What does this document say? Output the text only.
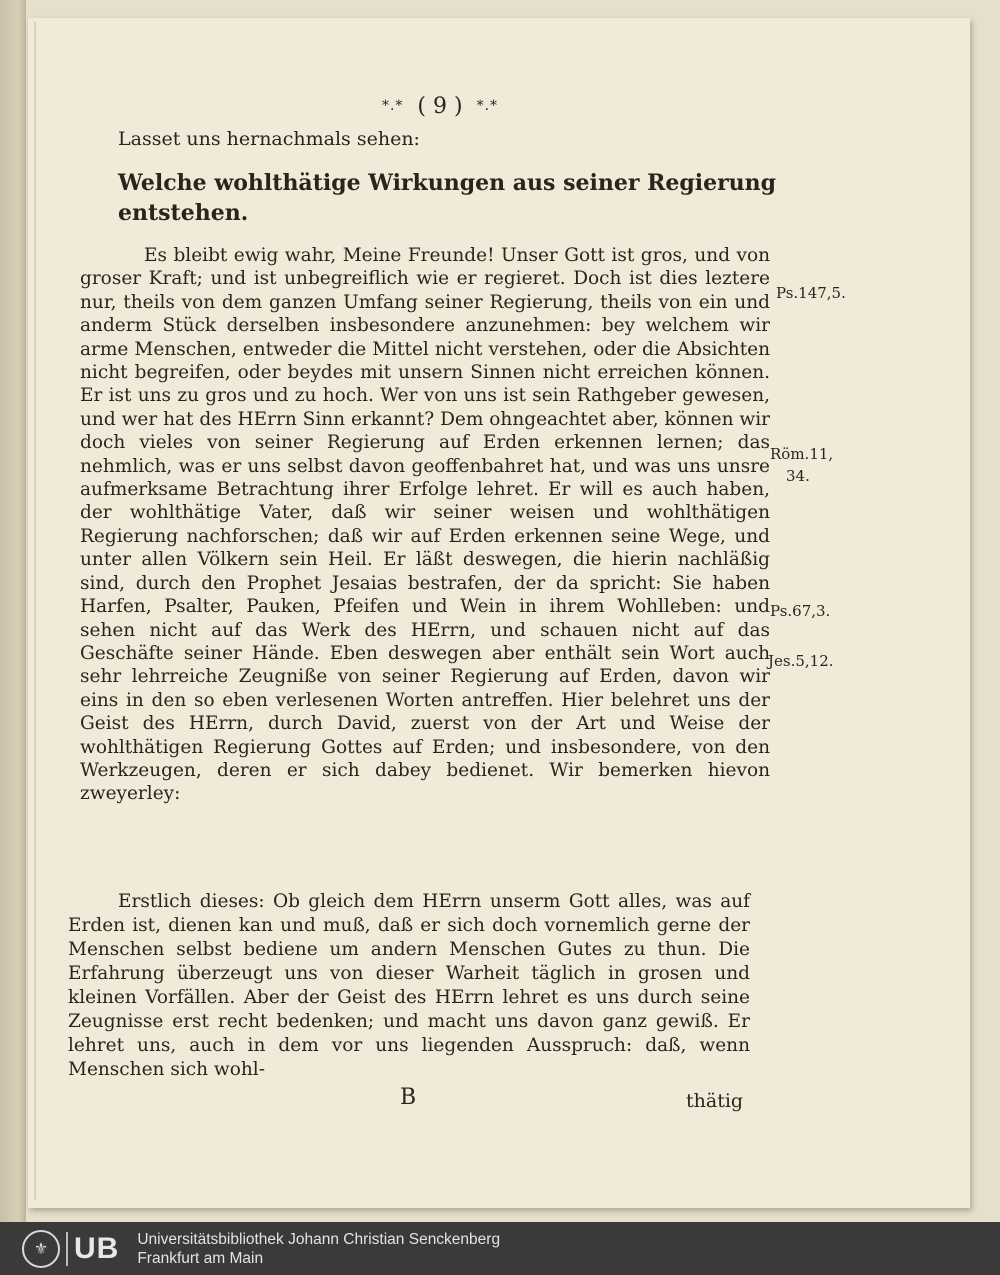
*.* ( 9 ) *.*
Lasset uns hernachmals sehen:
Welche wohlthätige Wirkungen aus seiner Regierung entstehen.

Es bleibt ewig wahr, Meine Freunde! Unser Gott ist gros, und von groser Kraft; und ist unbegreiflich wie er regieret. Doch ist dies leztere nur, theils von dem ganzen Umfang seiner Regierung, theils von ein und anderm Stück derselben insbesondere anzunehmen: bey welchem wir arme Menschen, entweder die Mittel nicht verstehen, oder die Absichten nicht begreifen, oder beydes mit unsern Sinnen nicht erreichen können. Er ist uns zu gros und zu hoch. Wer von uns ist sein Rathgeber gewesen, und wer hat des HErrn Sinn erkannt? Dem ohngeachtet aber, können wir doch vieles von seiner Regierung auf Erden erkennen lernen; das nehmlich, was er uns selbst davon geoffenbahret hat, und was uns unsre aufmerksame Betrachtung ihrer Erfolge lehret. Er will es auch haben, der wohlthätige Vater, daß wir seiner weisen und wohlthätigen Regierung nachforschen; daß wir auf Erden erkennen seine Wege, und unter allen Völkern sein Heil. Er läßt deswegen, die hierin nachläßig sind, durch den Prophet Jesaias bestrafen, der da spricht: Sie haben Harfen, Psalter, Pauken, Pfeifen und Wein in ihrem Wohlleben: und sehen nicht auf das Werk des HErrn, und schauen nicht auf das Geschäfte seiner Hände. Eben deswegen aber enthält sein Wort auch sehr lehrreiche Zeugniße von seiner Regierung auf Erden, davon wir eins in den so eben verlesenen Worten antreffen. Hier belehret uns der Geist des HErrn, durch David, zuerst von der Art und Weise der wohlthätigen Regierung Gottes auf Erden; und insbesondere, von den Werkzeugen, deren er sich dabey bedienet. Wir bemerken hievon zweyerley:

Ps.147,5.
Röm.11,
34.
Ps.67,3.
Jes.5,12.

Erstlich dieses: Ob gleich dem HErrn unserm Gott alles, was auf Erden ist, dienen kan und muß, daß er sich doch vornemlich gerne der Menschen selbst bediene um andern Menschen Gutes zu thun. Die Erfahrung überzeugt uns von dieser Warheit täglich in grosen und kleinen Vorfällen. Aber der Geist des HErrn lehret es uns durch seine Zeugnisse erst recht bedenken; und macht uns davon ganz gewiß. Er lehret uns, auch in dem vor uns liegenden Ausspruch: daß, wenn Menschen sich wohl-

B	thätig
⚜ UB Universitätsbibliothek Johann Christian Senckenberg
Frankfurt am Main
